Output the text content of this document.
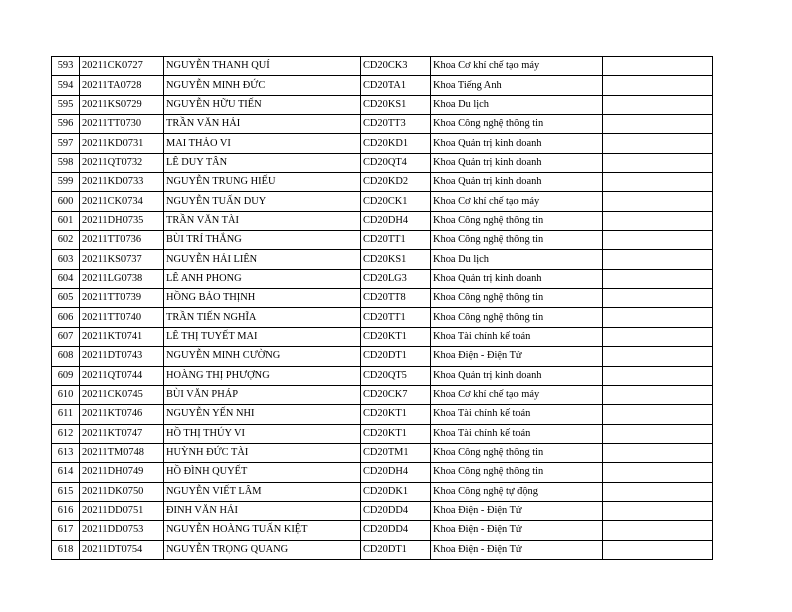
593	20211CK0727	NGUYỄN THANH QUÍ	CD20CK3	Khoa Cơ khí chế tạo máy	
594	20211TA0728	NGUYỄN MINH ĐỨC	CD20TA1	Khoa Tiếng Anh	
595	20211KS0729	NGUYỄN HỮU TIẾN	CD20KS1	Khoa Du lịch	
596	20211TT0730	TRẦN VĂN HẢI	CD20TT3	Khoa Công nghệ thông tin	
597	20211KD0731	MAI THẢO VI	CD20KD1	Khoa Quản trị kinh doanh	
598	20211QT0732	LÊ DUY TÂN	CD20QT4	Khoa Quản trị kinh doanh	
599	20211KD0733	NGUYỄN TRUNG HIẾU	CD20KD2	Khoa Quản trị kinh doanh	
600	20211CK0734	NGUYỄN TUẤN DUY	CD20CK1	Khoa Cơ khí chế tạo máy	
601	20211DH0735	TRẦN VĂN TÀI	CD20DH4	Khoa Công nghệ thông tin	
602	20211TT0736	BÙI TRÍ THẮNG	CD20TT1	Khoa Công nghệ thông tin	
603	20211KS0737	NGUYỄN HẢI LIÊN	CD20KS1	Khoa Du lịch	
604	20211LG0738	LÊ ANH PHONG	CD20LG3	Khoa Quản trị kinh doanh	
605	20211TT0739	HỒNG BẢO THỊNH	CD20TT8	Khoa Công nghệ thông tin	
606	20211TT0740	TRẦN TIẾN NGHĨA	CD20TT1	Khoa Công nghệ thông tin	
607	20211KT0741	LÊ THỊ TUYẾT MAI	CD20KT1	Khoa Tài chính kế toán	
608	20211DT0743	NGUYỄN MINH CƯỜNG	CD20DT1	Khoa Điện - Điện Tử	
609	20211QT0744	HOÀNG THỊ PHƯỢNG	CD20QT5	Khoa Quản trị kinh doanh	
610	20211CK0745	BÙI VĂN PHÁP	CD20CK7	Khoa Cơ khí chế tạo máy	
611	20211KT0746	NGUYỄN YẾN NHI	CD20KT1	Khoa Tài chính kế toán	
612	20211KT0747	HỒ THỊ THÚY VI	CD20KT1	Khoa Tài chính kế toán	
613	20211TM0748	HUỲNH ĐỨC TÀI	CD20TM1	Khoa Công nghệ thông tin	
614	20211DH0749	HỒ ĐÌNH QUYẾT	CD20DH4	Khoa Công nghệ thông tin	
615	20211DK0750	NGUYỄN VIẾT LÂM	CD20DK1	Khoa Công nghệ tự động	
616	20211DD0751	ĐINH VĂN HẢI	CD20DD4	Khoa Điện - Điện Tử	
617	20211DD0753	NGUYỄN HOÀNG TUẤN KIỆT	CD20DD4	Khoa Điện - Điện Tử	
618	20211DT0754	NGUYỄN TRỌNG QUANG	CD20DT1	Khoa Điện - Điện Tử	
